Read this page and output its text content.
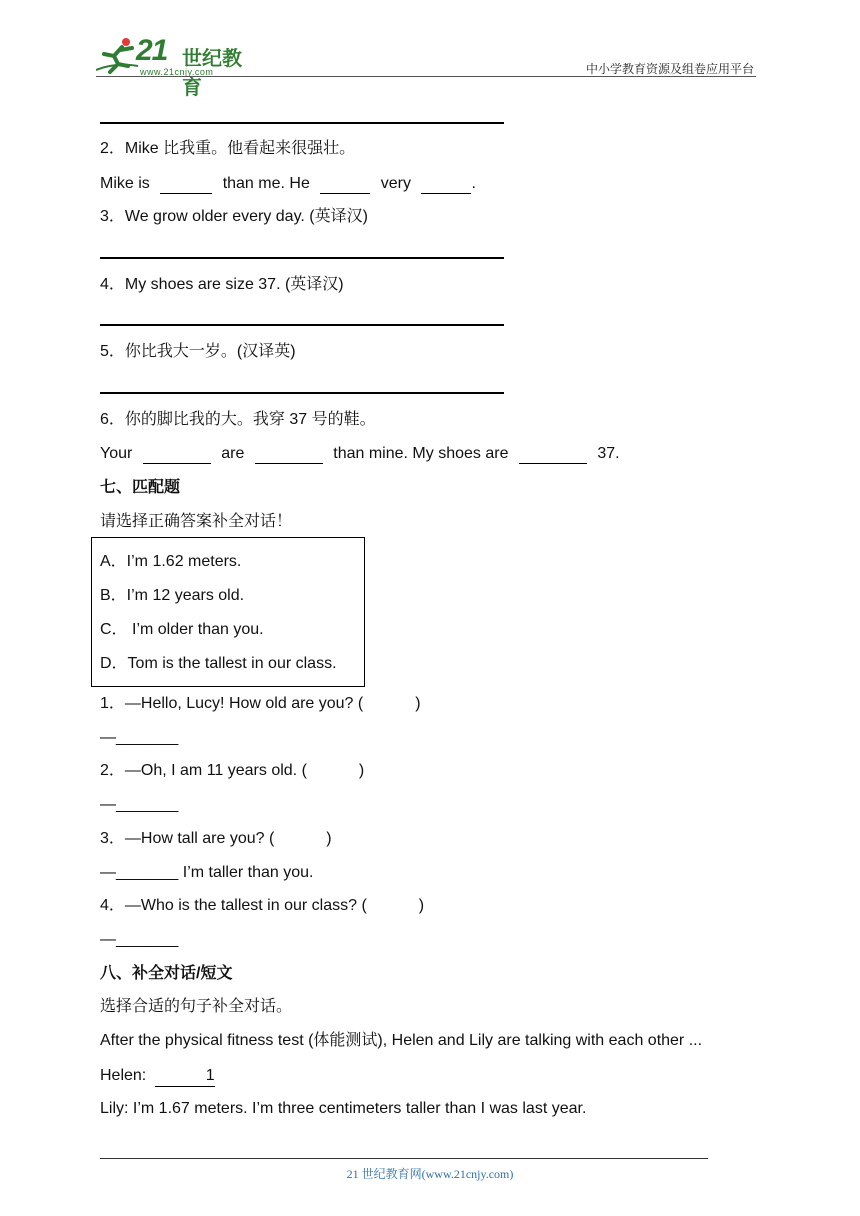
21 世纪教育
www.21cnjy.com	中小学教育资源及组卷应用平台
2．Mike 比我重。他看起来很强壮。
Mike is	than me. He	very	.
3．We grow older every day. (英译汉)
4．My shoes are size 37. (英译汉)
5．你比我大一岁。(汉译英)
6．你的脚比我的大。我穿 37 号的鞋。
Your	are	than mine. My shoes are	37.
七、匹配题
请选择正确答案补全对话！
A．I’m 1.62 meters.
B．I’m 12 years old.
C． I’m older than you.
D．Tom is the tallest in our class.
1．—Hello, Lucy! How old are you? (	)
—_______
2．—Oh, I am 11 years old. (	)
—_______
3．—How tall are you? (	)
—_______ I’m taller than you.
4．—Who is the tallest in our class? (	)
—_______
八、补全对话/短文
选择合适的句子补全对话。
After the physical fitness test (体能测试), Helen and Lily are talking with each other ...
Helen:	1
Lily: I’m 1.67 meters. I’m three centimeters taller than I was last year.
21 世纪教育网(www.21cnjy.com)
